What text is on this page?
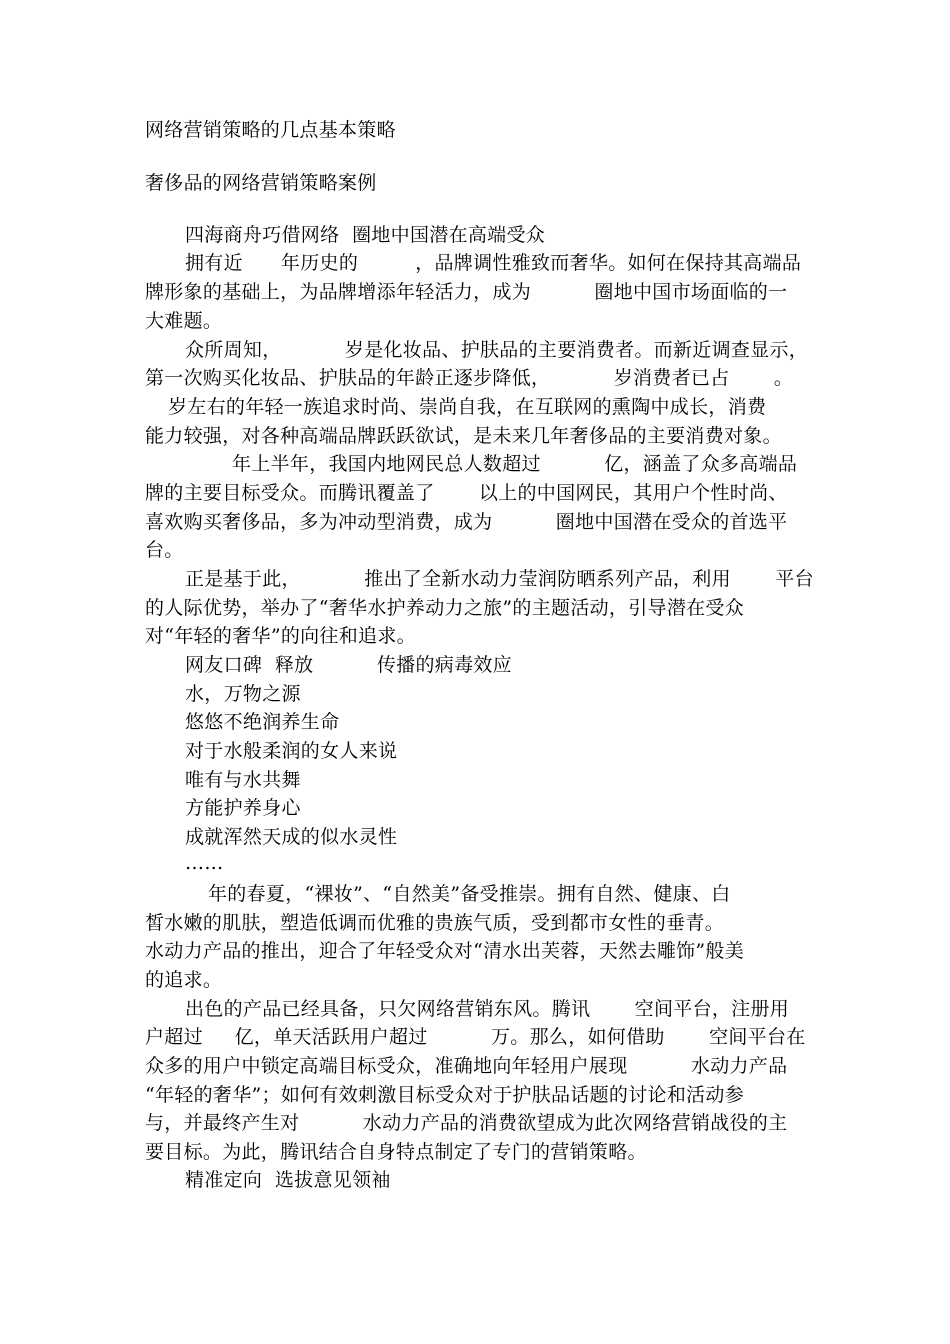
网络营销策略的几点基本策略
奢侈品的网络营销策略案例
四海商舟巧借网络  圈地中国潜在高端受众
拥有近      年历史的         ，品牌调性雅致而奢华。如何在保持其高端品
牌形象的基础上，为品牌增添年轻活力，成为          圈地中国市场面临的一
大难题。
众所周知，          岁是化妆品、护肤品的主要消费者。而新近调查显示，
第一次购买化妆品、护肤品的年龄正逐步降低，          岁消费者已占       。
岁左右的年轻一族追求时尚、崇尚自我，在互联网的熏陶中成长，消费
能力较强，对各种高端品牌跃跃欲试，是未来几年奢侈品的主要消费对象。
年上半年，我国内地网民总人数超过          亿，涵盖了众多高端品
牌的主要目标受众。而腾讯覆盖了       以上的中国网民，其用户个性时尚、
喜欢购买奢侈品，多为冲动型消费，成为          圈地中国潜在受众的首选平
台。
正是基于此，          推出了全新水动力莹润防晒系列产品，利用       平台
的人际优势，举办了“奢华水护养动力之旅”的主题活动，引导潜在受众
对“年轻的奢华”的向往和追求。
网友口碑  释放          传播的病毒效应
水，万物之源
悠悠不绝润养生命
对于水般柔润的女人来说
唯有与水共舞
方能护养身心
成就浑然天成的似水灵性
……
年的春夏，“裸妆”、“自然美”备受推崇。拥有自然、健康、白
皙水嫩的肌肤，塑造低调而优雅的贵族气质，受到都市女性的垂青。
水动力产品的推出，迎合了年轻受众对“清水出芙蓉，天然去雕饰”般美
的追求。
出色的产品已经具备，只欠网络营销东风。腾讯       空间平台，注册用
户超过     亿，单天活跃用户超过          万。那么，如何借助       空间平台在
众多的用户中锁定高端目标受众，准确地向年轻用户展现          水动力产品
“年轻的奢华”；如何有效刺激目标受众对于护肤品话题的讨论和活动参
与，并最终产生对          水动力产品的消费欲望成为此次网络营销战役的主
要目标。为此，腾讯结合自身特点制定了专门的营销策略。
精准定向  选拔意见领袖
